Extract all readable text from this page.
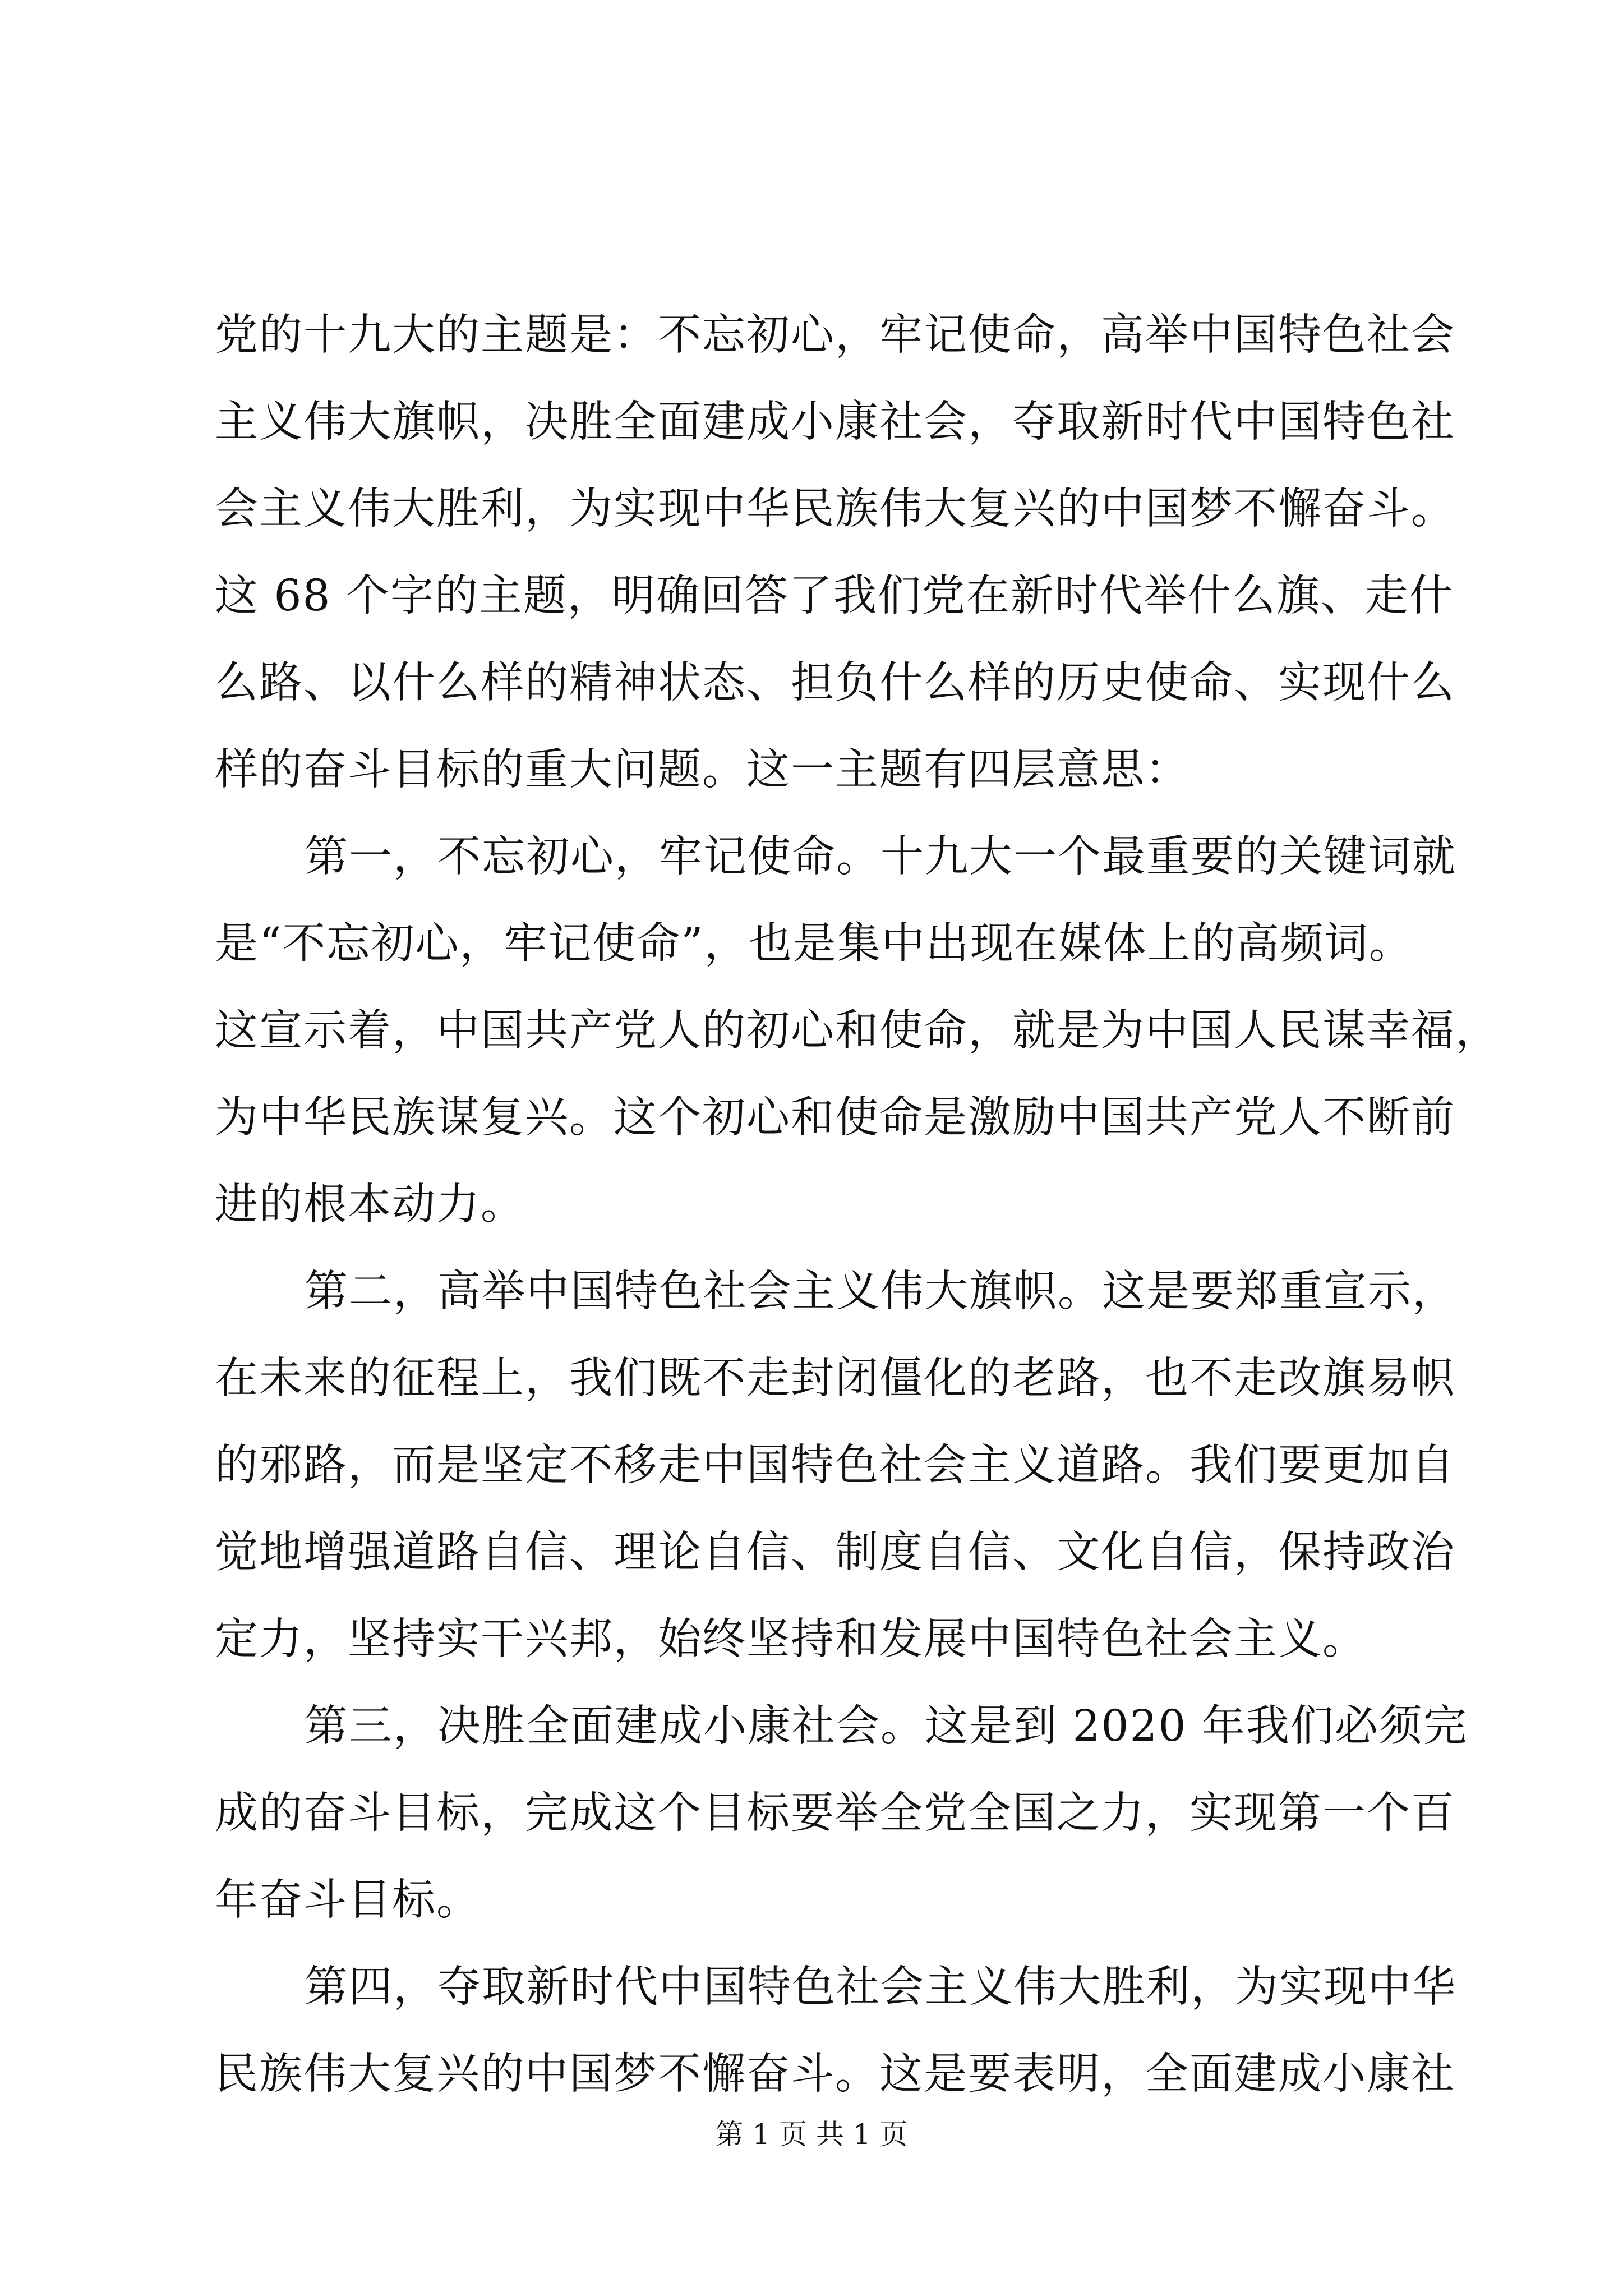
党的十九大的主题是：不忘初心，牢记使命，高举中国特色社会
主义伟大旗帜，决胜全面建成小康社会，夺取新时代中国特色社
会主义伟大胜利，为实现中华民族伟大复兴的中国梦不懈奋斗。
这 68 个字的主题，明确回答了我们党在新时代举什么旗、走什
么路、以什么样的精神状态、担负什么样的历史使命、实现什么
样的奋斗目标的重大问题。这一主题有四层意思：
第一，不忘初心，牢记使命。十九大一个最重要的关键词就
是“不忘初心，牢记使命”，也是集中出现在媒体上的高频词。
这宣示着，中国共产党人的初心和使命，就是为中国人民谋幸福，
为中华民族谋复兴。这个初心和使命是激励中国共产党人不断前
进的根本动力。
第二，高举中国特色社会主义伟大旗帜。这是要郑重宣示，
在未来的征程上，我们既不走封闭僵化的老路，也不走改旗易帜
的邪路，而是坚定不移走中国特色社会主义道路。我们要更加自
觉地增强道路自信、理论自信、制度自信、文化自信，保持政治
定力，坚持实干兴邦，始终坚持和发展中国特色社会主义。
第三，决胜全面建成小康社会。这是到 2020 年我们必须完
成的奋斗目标，完成这个目标要举全党全国之力，实现第一个百
年奋斗目标。
第四，夺取新时代中国特色社会主义伟大胜利，为实现中华
民族伟大复兴的中国梦不懈奋斗。这是要表明，全面建成小康社
第 1 页 共 1 页
